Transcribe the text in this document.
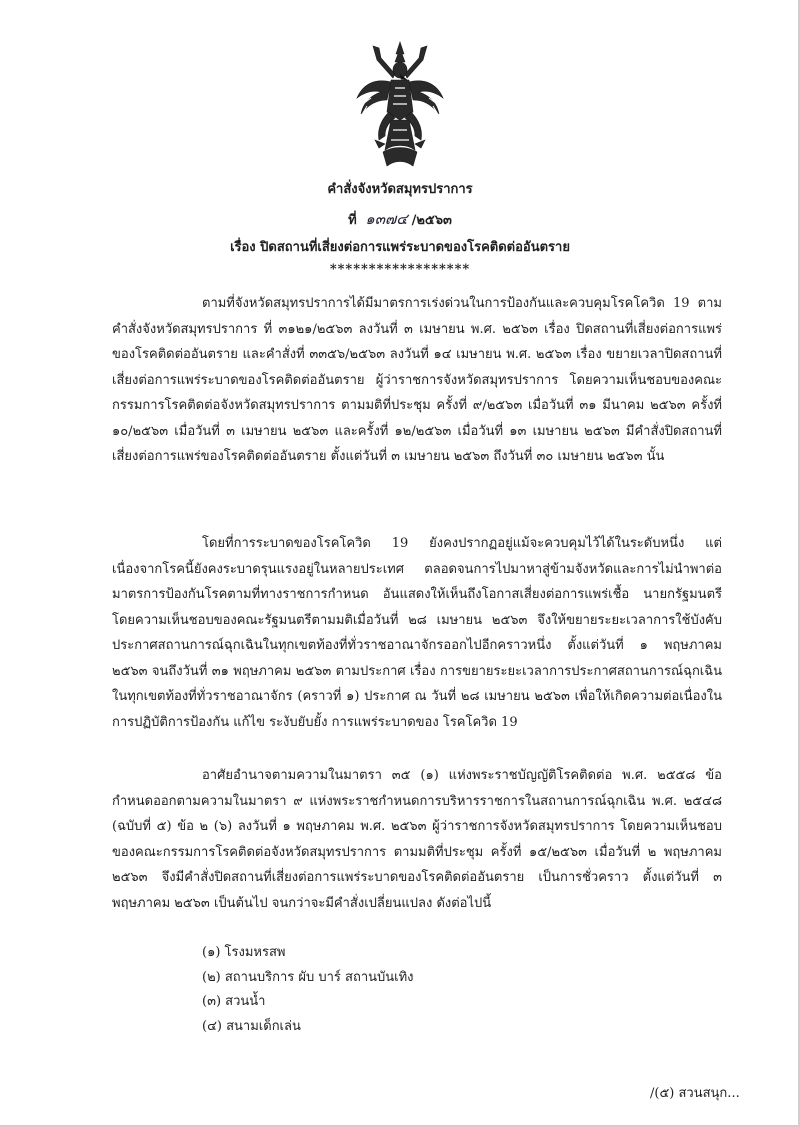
คำสั่งจังหวัดสมุทรปราการ
ที่ ๑๓๗๔ /๒๕๖๓
เรื่อง ปิดสถานที่เสี่ยงต่อการแพร่ระบาดของโรคติดต่ออันตราย
******************

ตามที่จังหวัดสมุทรปราการได้มีมาตรการเร่งด่วนในการป้องกันและควบคุมโรคโควิด 19 ตามคำสั่งจังหวัดสมุทรปราการ ที่ ๓๑๒๑/๒๕๖๓ ลงวันที่ ๓ เมษายน พ.ศ. ๒๕๖๓ เรื่อง ปิดสถานที่เสี่ยงต่อการแพร่ของโรคติดต่ออันตราย และคำสั่งที่ ๓๓๕๖/๒๕๖๓ ลงวันที่ ๑๔ เมษายน พ.ศ. ๒๕๖๓ เรื่อง ขยายเวลาปิดสถานที่เสี่ยงต่อการแพร่ระบาดของโรคติดต่ออันตราย ผู้ว่าราชการจังหวัดสมุทรปราการ โดยความเห็นชอบของคณะกรรมการโรคติดต่อจังหวัดสมุทรปราการ ตามมติที่ประชุม ครั้งที่ ๙/๒๕๖๓ เมื่อวันที่ ๓๑ มีนาคม ๒๕๖๓ ครั้งที่ ๑๐/๒๕๖๓ เมื่อวันที่ ๓ เมษายน ๒๕๖๓ และครั้งที่ ๑๒/๒๕๖๓ เมื่อวันที่ ๑๓ เมษายน ๒๕๖๓ มีคำสั่งปิดสถานที่เสี่ยงต่อการแพร่ของโรคติดต่ออันตราย ตั้งแต่วันที่ ๓ เมษายน ๒๕๖๓ ถึงวันที่ ๓๐ เมษายน ๒๕๖๓ นั้น

โดยที่การระบาดของโรคโควิด 19 ยังคงปรากฏอยู่แม้จะควบคุมไว้ได้ในระดับหนึ่ง แต่เนื่องจากโรคนี้ยังคงระบาดรุนแรงอยู่ในหลายประเทศ ตลอดจนการไปมาหาสู่ข้ามจังหวัดและการไม่นำพาต่อมาตรการป้องกันโรคตามที่ทางราชการกำหนด อันแสดงให้เห็นถึงโอกาสเสี่ยงต่อการแพร่เชื้อ นายกรัฐมนตรีโดยความเห็นชอบของคณะรัฐมนตรีตามมติเมื่อวันที่ ๒๘ เมษายน ๒๕๖๓ จึงให้ขยายระยะเวลาการใช้บังคับประกาศสถานการณ์ฉุกเฉินในทุกเขตท้องที่ทั่วราชอาณาจักรออกไปอีกคราวหนึ่ง ตั้งแต่วันที่ ๑ พฤษภาคม ๒๕๖๓ จนถึงวันที่ ๓๑ พฤษภาคม ๒๕๖๓ ตามประกาศ เรื่อง การขยายระยะเวลาการประกาศสถานการณ์ฉุกเฉินในทุกเขตท้องที่ทั่วราชอาณาจักร (คราวที่ ๑) ประกาศ ณ วันที่ ๒๘ เมษายน ๒๕๖๓ เพื่อให้เกิดความต่อเนื่องในการปฏิบัติการป้องกัน แก้ไข ระงับยับยั้ง การแพร่ระบาดของ โรคโควิด 19

อาศัยอำนาจตามความในมาตรา ๓๕ (๑) แห่งพระราชบัญญัติโรคติดต่อ พ.ศ. ๒๕๕๘ ข้อกำหนดออกตามความในมาตรา ๙ แห่งพระราชกำหนดการบริหารราชการในสถานการณ์ฉุกเฉิน พ.ศ. ๒๕๔๘ (ฉบับที่ ๕) ข้อ ๒ (๖) ลงวันที่ ๑ พฤษภาคม พ.ศ. ๒๕๖๓ ผู้ว่าราชการจังหวัดสมุทรปราการ โดยความเห็นชอบของคณะกรรมการโรคติดต่อจังหวัดสมุทรปราการ ตามมติที่ประชุม ครั้งที่ ๑๕/๒๕๖๓ เมื่อวันที่ ๒ พฤษภาคม ๒๕๖๓ จึงมีคำสั่งปิดสถานที่เสี่ยงต่อการแพร่ระบาดของโรคติดต่ออันตราย เป็นการชั่วคราว ตั้งแต่วันที่ ๓ พฤษภาคม ๒๕๖๓ เป็นต้นไป จนกว่าจะมีคำสั่งเปลี่ยนแปลง ดังต่อไปนี้

(๑) โรงมหรสพ
(๒) สถานบริการ ผับ บาร์ สถานบันเทิง
(๓) สวนน้ำ
(๔) สนามเด็กเล่น
/(๕) สวนสนุก...
